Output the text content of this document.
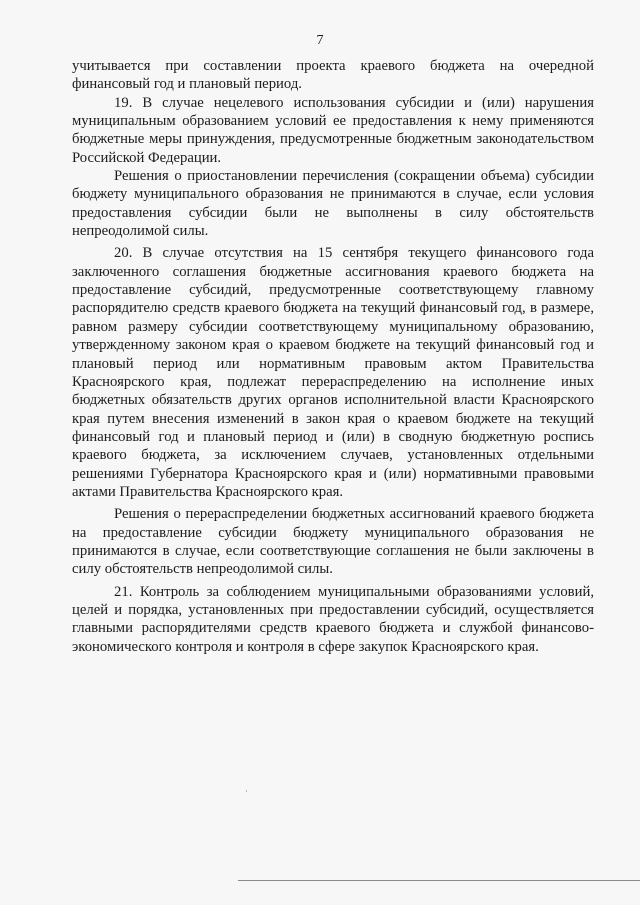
7

учитывается при составлении проекта краевого бюджета на очередной финансовый год и плановый период.

19. В случае нецелевого использования субсидии и (или) нарушения муниципальным образованием условий ее предоставления к нему применяются бюджетные меры принуждения, предусмотренные бюджетным законодательством Российской Федерации.

Решения о приостановлении перечисления (сокращении объема) субсидии бюджету муниципального образования не принимаются в случае, если условия предоставления субсидии были не выполнены в силу обстоятельств непреодолимой силы.

20. В случае отсутствия на 15 сентября текущего финансового года заключенного соглашения бюджетные ассигнования краевого бюджета на предоставление субсидий, предусмотренные соответствующему главному распорядителю средств краевого бюджета на текущий финансовый год, в размере, равном размеру субсидии соответствующему муниципальному образованию, утвержденному законом края о краевом бюджете на текущий финансовый год и плановый период или нормативным правовым актом Правительства Красноярского края, подлежат перераспределению на исполнение иных бюджетных обязательств других органов исполнительной власти Красноярского края путем внесения изменений в закон края о краевом бюджете на текущий финансовый год и плановый период и (или) в сводную бюджетную роспись краевого бюджета, за исключением случаев, установленных отдельными решениями Губернатора Красноярского края и (или) нормативными правовыми актами Правительства Красноярского края.

Решения о перераспределении бюджетных ассигнований краевого бюджета на предоставление субсидии бюджету муниципального образования не принимаются в случае, если соответствующие соглашения не были заключены в силу обстоятельств непреодолимой силы.

21. Контроль за соблюдением муниципальными образованиями условий, целей и порядка, установленных при предоставлении субсидий, осуществляется главными распорядителями средств краевого бюджета и службой финансово-экономического контроля и контроля в сфере закупок Красноярского края.
